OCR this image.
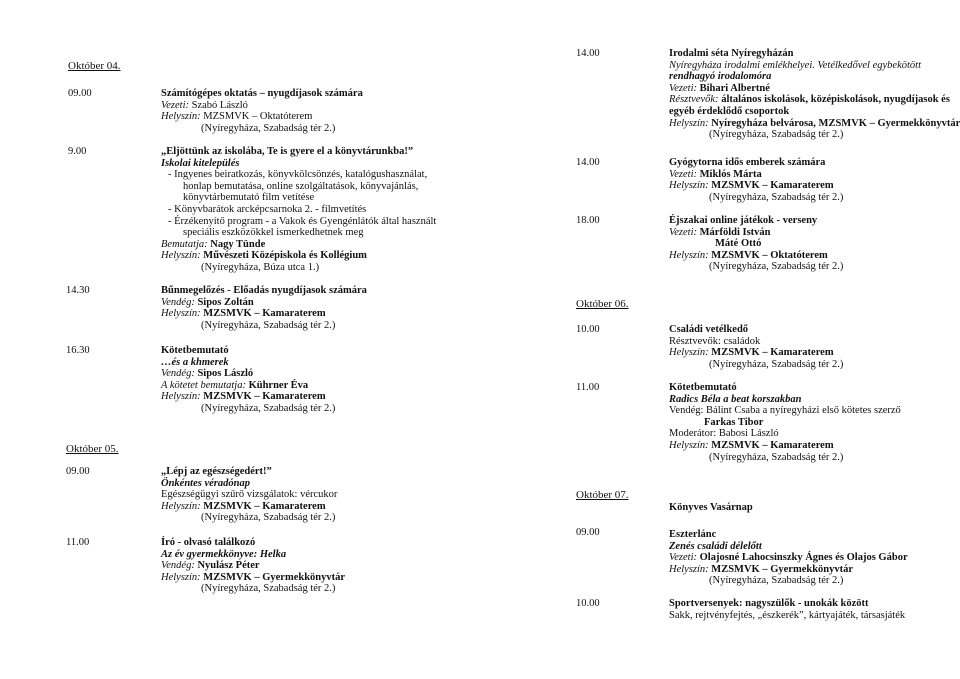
Október 04.
09.00	Számítógépes oktatás – nyugdíjasok számára
Vezeti: Szabó László
Helyszín: MZSMVK – Oktatóterem
(Nyíregyháza, Szabadság tér 2.)
9.00	„Eljöttünk az iskolába, Te is gyere el a könyvtárunkba!”
Iskolai kitelepülés
- Ingyenes beiratkozás, könyvkölcsönzés, katalógushasználat,
honlap bemutatása, online szolgáltatások, könyvajánlás,
könyvtárbemutató film vetítése
- Könyvbarátok arcképcsarnoka 2. - filmvetítés
- Érzékenyítő program - a Vakok és Gyengénlátók által használt
speciális eszközökkel ismerkedhetnek meg
Bemutatja: Nagy Tünde
Helyszín: Művészeti Középiskola és Kollégium
(Nyíregyháza, Búza utca 1.)
14.30	Bűnmegelőzés - Előadás nyugdíjasok számára
Vendég: Sipos Zoltán
Helyszín: MZSMVK – Kamaraterem
(Nyíregyháza, Szabadság tér 2.)
16.30	Kötetbemutató
…és a khmerek
Vendég: Sipos László
A kötetet bemutatja: Kührner Éva
Helyszín: MZSMVK – Kamaraterem
(Nyíregyháza, Szabadság tér 2.)
Október 05.
09.00	„Lépj az egészségedért!”
Önkéntes véradónap
Egészségügyi szűrő vizsgálatok: vércukor
Helyszín: MZSMVK – Kamaraterem
(Nyíregyháza, Szabadság tér 2.)
11.00	Író - olvasó találkozó
Az év gyermekkönyve: Helka
Vendég: Nyulász Péter
Helyszín: MZSMVK – Gyermekkönyvtár
(Nyíregyháza, Szabadság tér 2.)
14.00	Irodalmi séta Nyíregyházán
Nyíregyháza irodalmi emlékhelyei. Vetélkedővel egybekötött
rendhagyó irodalomóra
Vezeti: Bihari Albertné
Résztvevők: általános iskolások, középiskolások, nyugdíjasok és
egyéb érdeklődő csoportok
Helyszín: Nyíregyháza belvárosa, MZSMVK – Gyermekkönyvtár
(Nyíregyháza, Szabadság tér 2.)
14.00	Gyógytorna idős emberek számára
Vezeti: Miklós Márta
Helyszín: MZSMVK – Kamaraterem
(Nyíregyháza, Szabadság tér 2.)
18.00	Éjszakai online játékok - verseny
Vezeti: Márföldi István
Máté Ottó
Helyszín: MZSMVK – Oktatóterem
(Nyíregyháza, Szabadság tér 2.)
Október 06.
10.00	Családi vetélkedő
Résztvevők: családok
Helyszín: MZSMVK – Kamaraterem
(Nyíregyháza, Szabadság tér 2.)
11.00	Kötetbemutató
Radics Béla a beat korszakban
Vendég: Bálint Csaba a nyíregyházi első kötetes szerző
Farkas Tibor
Moderátor: Babosi László
Helyszín: MZSMVK – Kamaraterem
(Nyíregyháza, Szabadság tér 2.)
Október 07.
Könyves Vasárnap
09.00	Eszterlánc
Zenés családi délelőtt
Vezeti: Olajosné Lahocsinszky Ágnes és Olajos Gábor
Helyszín: MZSMVK – Gyermekkönyvtár
(Nyíregyháza, Szabadság tér 2.)
10.00	Sportversenyek: nagyszülők - unokák között
Sakk, rejtvényfejtés, „észkerék”, kártyajáték, társasjáték
